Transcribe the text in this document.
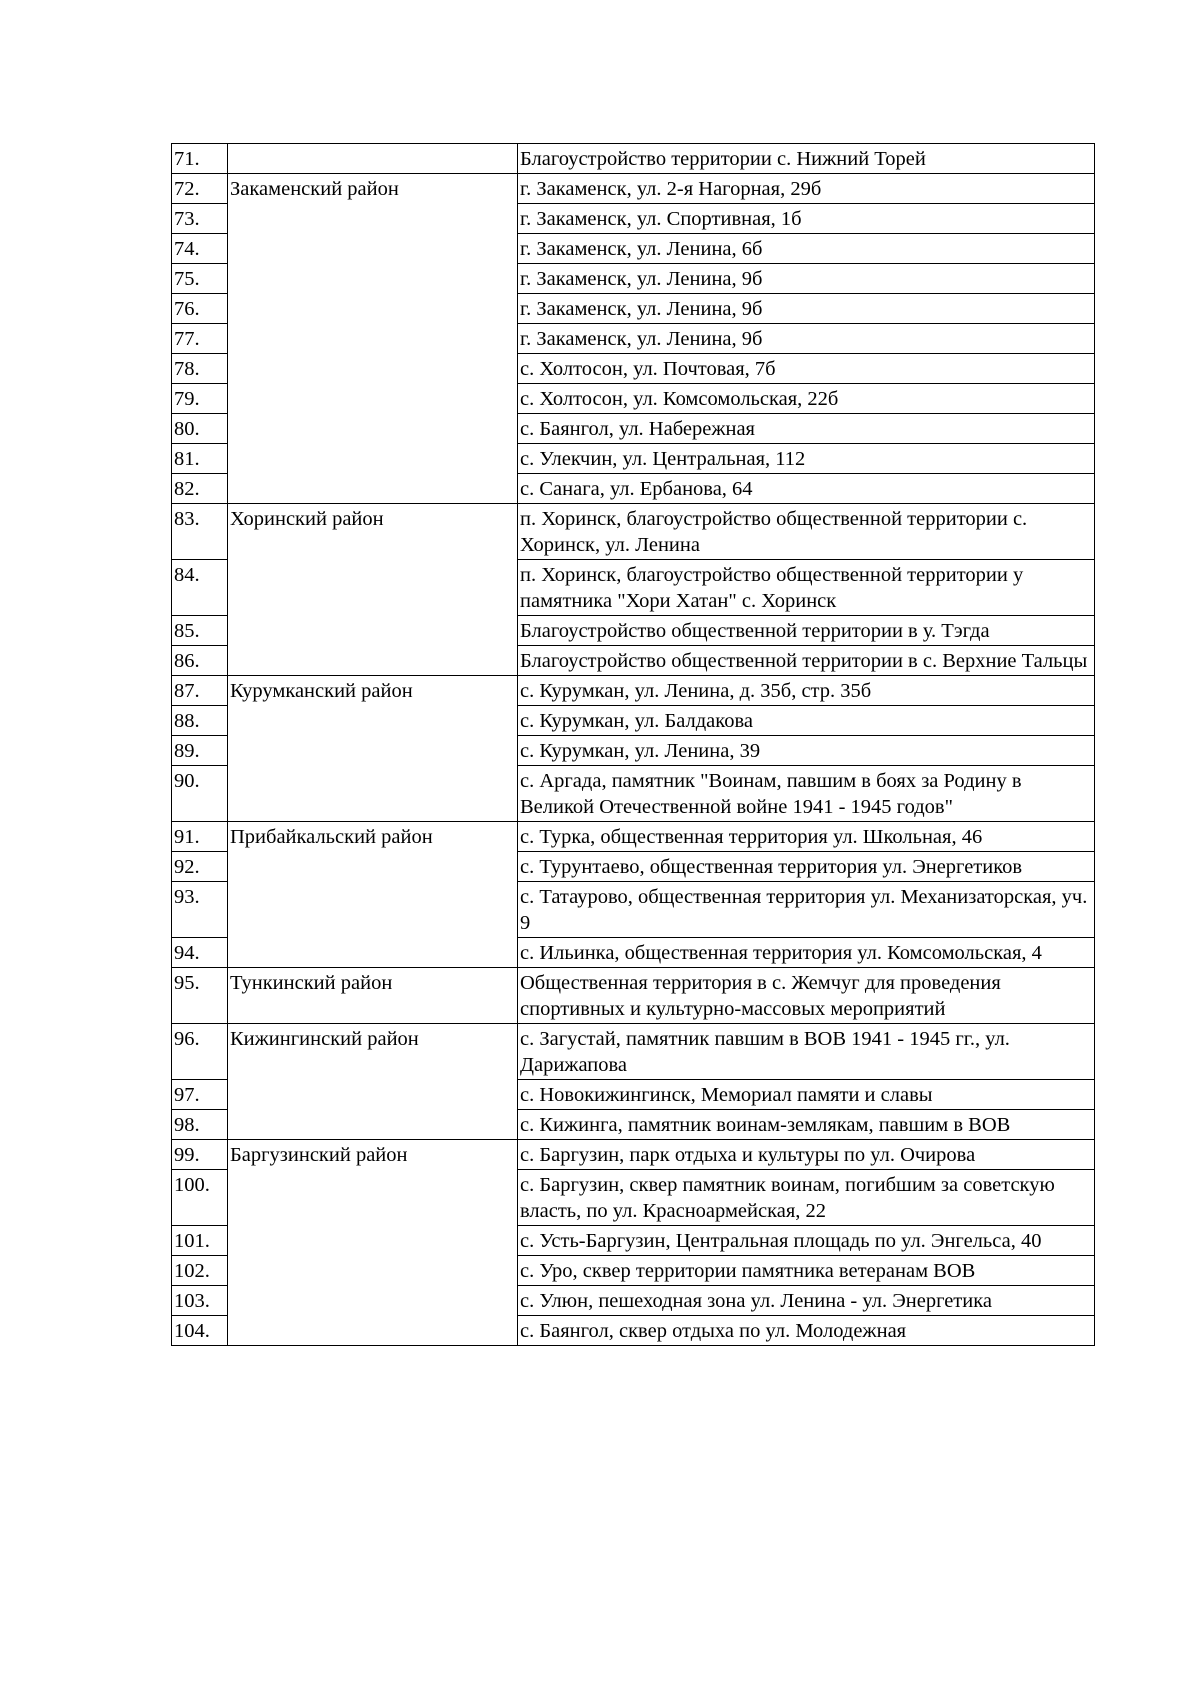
71.		Благоустройство территории с. Нижний Торей
72.	Закаменский район	г. Закаменск, ул. 2-я Нагорная, 29б
73.		г. Закаменск, ул. Спортивная, 1б
74.		г. Закаменск, ул. Ленина, 6б
75.		г. Закаменск, ул. Ленина, 9б
76.		г. Закаменск, ул. Ленина, 9б
77.		г. Закаменск, ул. Ленина, 9б
78.		с. Холтосон, ул. Почтовая, 7б
79.		с. Холтосон, ул. Комсомольская, 22б
80.		с. Баянгол, ул. Набережная
81.		с. Улекчин, ул. Центральная, 112
82.		с. Санага, ул. Ербанова, 64
83.	Хоринский район	п. Хоринск, благоустройство общественной территории с. Хоринск, ул. Ленина
84.		п. Хоринск, благоустройство общественной территории у памятника "Хори Хатан" с. Хоринск
85.		Благоустройство общественной территории в у. Тэгда
86.		Благоустройство общественной территории в с. Верхние Тальцы
87.	Курумканский район	с. Курумкан, ул. Ленина, д. 35б, стр. 35б
88.		с. Курумкан, ул. Балдакова
89.		с. Курумкан, ул. Ленина, 39
90.		с. Аргада, памятник "Воинам, павшим в боях за Родину в Великой Отечественной войне 1941 - 1945 годов"
91.	Прибайкальский район	с. Турка, общественная территория ул. Школьная, 46
92.		с. Турунтаево, общественная территория ул. Энергетиков
93.		с. Татаурово, общественная территория ул. Механизаторская, уч. 9
94.		с. Ильинка, общественная территория ул. Комсомольская, 4
95.	Тункинский район	Общественная территория в с. Жемчуг для проведения спортивных и культурно-массовых мероприятий
96.	Кижингинский район	с. Загустай, памятник павшим в ВОВ 1941 - 1945 гг., ул. Дарижапова
97.		с. Новокижингинск, Мемориал памяти и славы
98.		с. Кижинга, памятник воинам-землякам, павшим в ВОВ
99.	Баргузинский район	с. Баргузин, парк отдыха и культуры по ул. Очирова
100.		с. Баргузин, сквер памятник воинам, погибшим за советскую власть, по ул. Красноармейская, 22
101.		с. Усть-Баргузин, Центральная площадь по ул. Энгельса, 40
102.		с. Уро, сквер территории памятника ветеранам ВОВ
103.		с. Улюн, пешеходная зона ул. Ленина - ул. Энергетика
104.		с. Баянгол, сквер отдыха по ул. Молодежная
